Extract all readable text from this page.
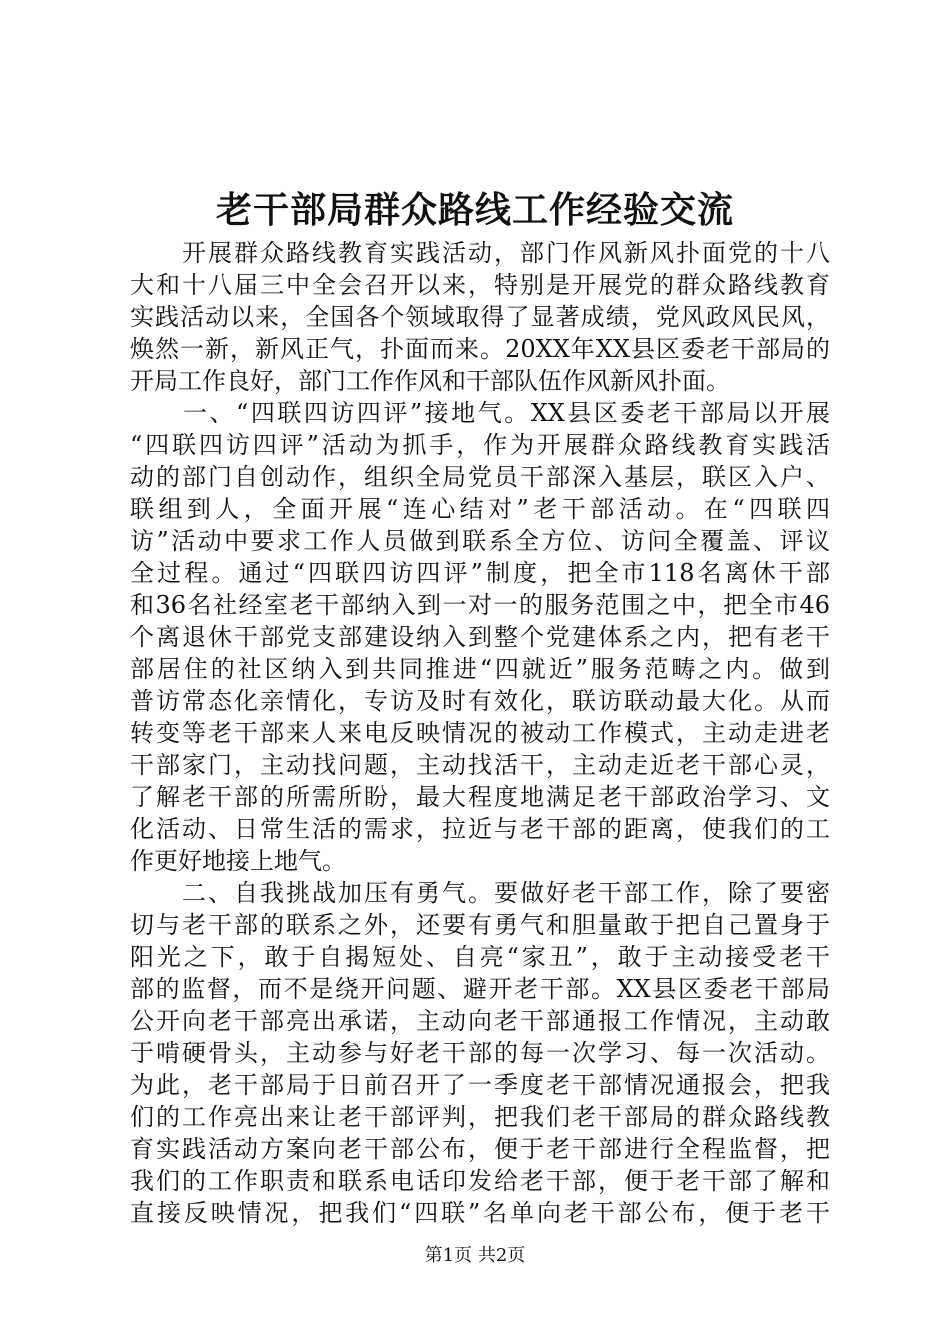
老干部局群众路线工作经验交流
　　开展群众路线教育实践活动，部门作风新风扑面党的十八
大和十八届三中全会召开以来，特别是开展党的群众路线教育
实践活动以来，全国各个领域取得了显著成绩，党风政风民风，
焕然一新，新风正气，扑面而来。20XX年XX县区委老干部局的
开局工作良好，部门工作作风和干部队伍作风新风扑面。
　　一、“四联四访四评”接地气。XX县区委老干部局以开展
“四联四访四评”活动为抓手，作为开展群众路线教育实践活
动的部门自创动作，组织全局党员干部深入基层，联区入户、
联组到人，全面开展“连心结对”老干部活动。在“四联四
访”活动中要求工作人员做到联系全方位、访问全覆盖、评议
全过程。通过“四联四访四评”制度，把全市118名离休干部
和36名社经室老干部纳入到一对一的服务范围之中，把全市46
个离退休干部党支部建设纳入到整个党建体系之内，把有老干
部居住的社区纳入到共同推进“四就近”服务范畴之内。做到
普访常态化亲情化，专访及时有效化，联访联动最大化。从而
转变等老干部来人来电反映情况的被动工作模式，主动走进老
干部家门，主动找问题，主动找活干，主动走近老干部心灵，
了解老干部的所需所盼，最大程度地满足老干部政治学习、文
化活动、日常生活的需求，拉近与老干部的距离，使我们的工
作更好地接上地气。
　　二、自我挑战加压有勇气。要做好老干部工作，除了要密
切与老干部的联系之外，还要有勇气和胆量敢于把自己置身于
阳光之下，敢于自揭短处、自亮“家丑”，敢于主动接受老干
部的监督，而不是绕开问题、避开老干部。XX县区委老干部局
公开向老干部亮出承诺，主动向老干部通报工作情况，主动敢
于啃硬骨头，主动参与好老干部的每一次学习、每一次活动。
为此，老干部局于日前召开了一季度老干部情况通报会，把我
们的工作亮出来让老干部评判，把我们老干部局的群众路线教
育实践活动方案向老干部公布，便于老干部进行全程监督，把
我们的工作职责和联系电话印发给老干部，便于老干部了解和
直接反映情况，把我们“四联”名单向老干部公布，便于老干
第1页 共2页
